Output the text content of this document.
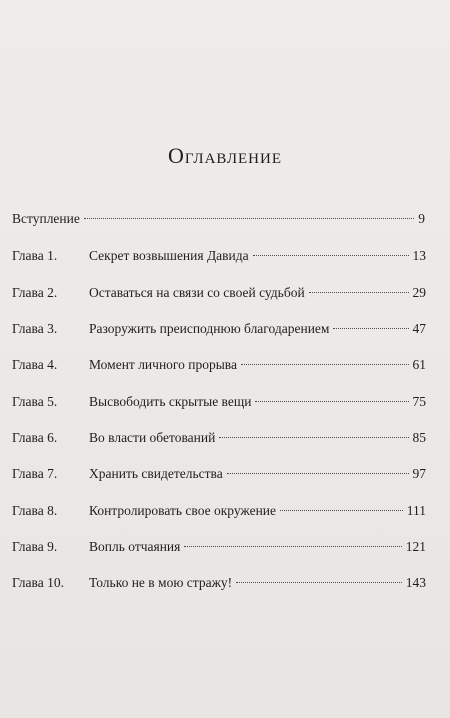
Оглавление
Вступление	9
Глава 1.	Секрет возвышения Давида	13
Глава 2.	Оставаться на связи со своей судьбой	29
Глава 3.	Разоружить преисподнюю благодарением	47
Глава 4.	Момент личного прорыва	61
Глава 5.	Высвободить скрытые вещи	75
Глава 6.	Во власти обетований	85
Глава 7.	Хранить свидетельства	97
Глава 8.	Контролировать свое окружение	111
Глава 9.	Вопль отчаяния	121
Глава 10.	Только не в мою стражу!	143
